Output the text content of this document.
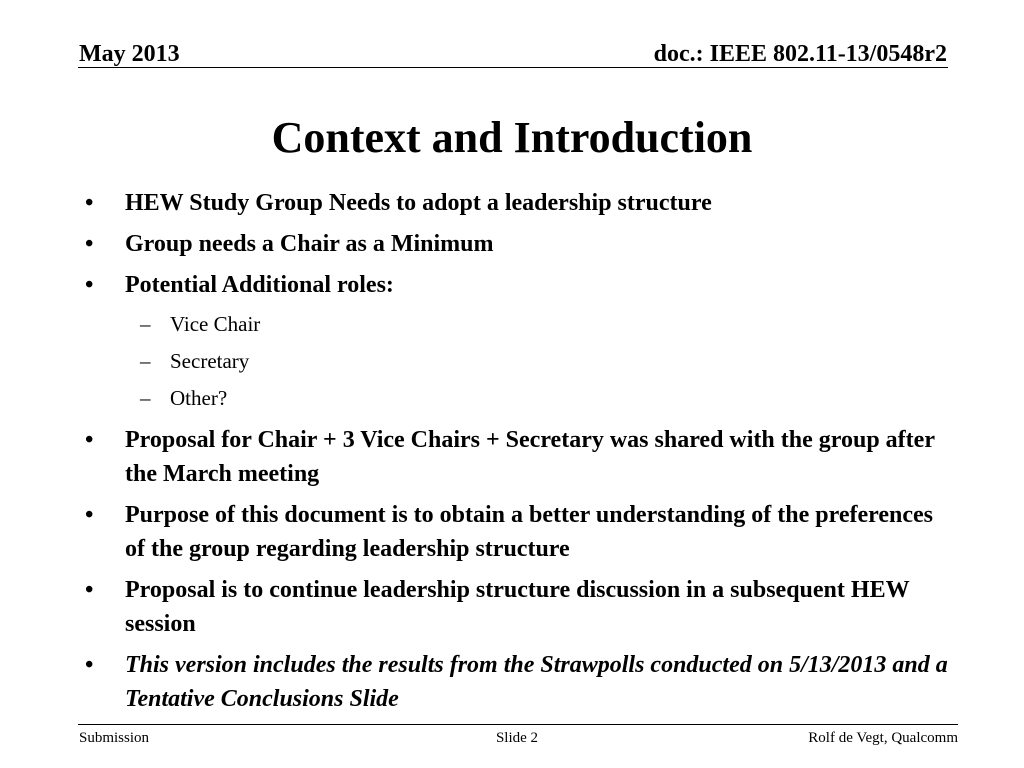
May 2013	doc.: IEEE 802.11-13/0548r2
Context and Introduction
•	HEW Study Group Needs to adopt a leadership structure
•	Group needs a Chair as a Minimum
•	Potential Additional roles:
– Vice Chair
– Secretary
– Other?
•	Proposal for Chair + 3 Vice Chairs + Secretary was shared with the group after the March meeting
•	Purpose of this document is to obtain a better understanding of the preferences of the group regarding leadership structure
•	Proposal is to continue leadership structure discussion in a subsequent HEW session
•	This version includes the results from the Strawpolls conducted on 5/13/2013 and a Tentative Conclusions Slide
Submission	Slide 2	Rolf de Vegt, Qualcomm
